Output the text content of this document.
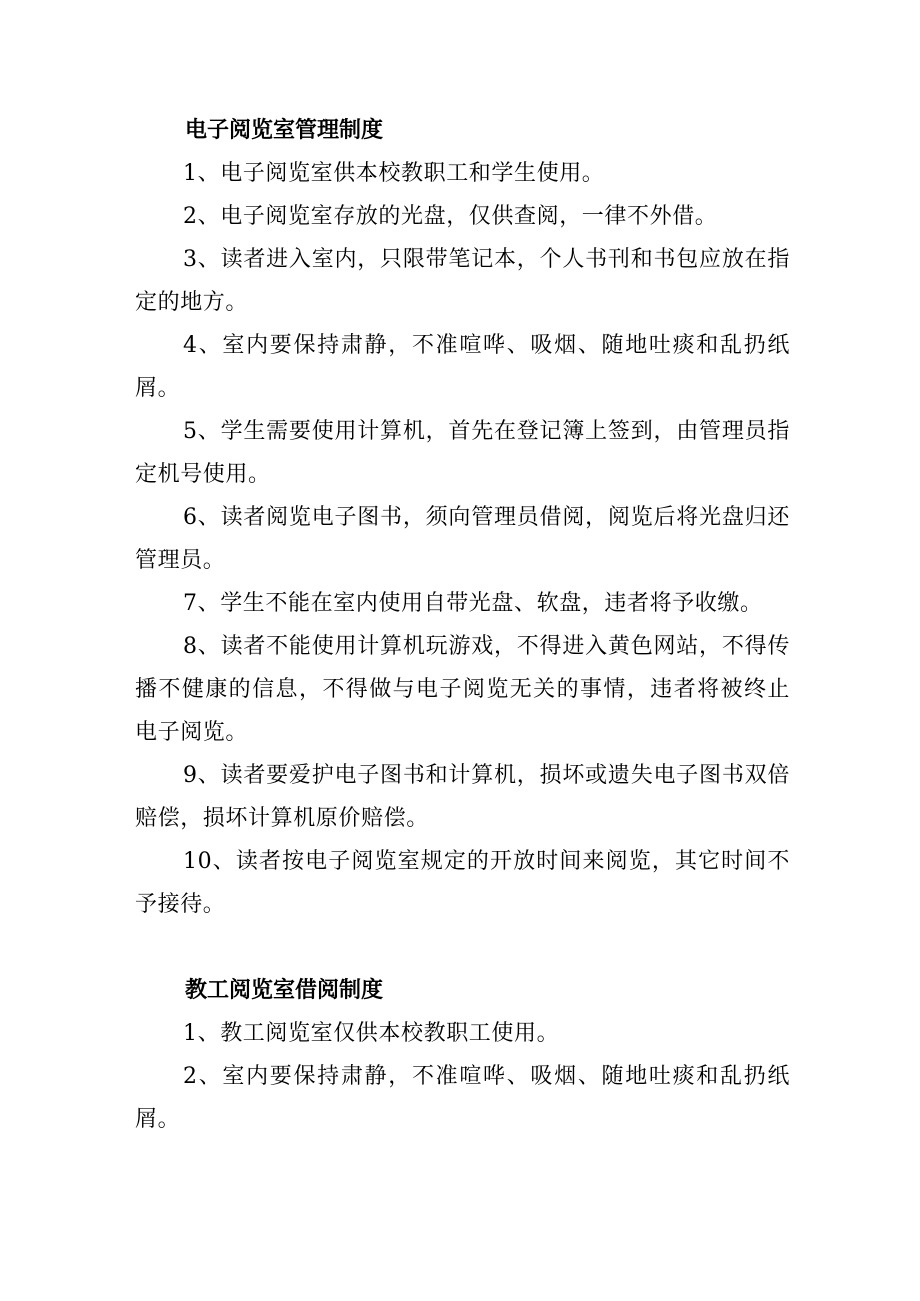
电子阅览室管理制度

1、电子阅览室供本校教职工和学生使用。

2、电子阅览室存放的光盘，仅供查阅，一律不外借。

3、读者进入室内，只限带笔记本，个人书刊和书包应放在指定的地方。

4、室内要保持肃静，不准喧哗、吸烟、随地吐痰和乱扔纸屑。

5、学生需要使用计算机，首先在登记簿上签到，由管理员指定机号使用。

6、读者阅览电子图书，须向管理员借阅，阅览后将光盘归还管理员。

7、学生不能在室内使用自带光盘、软盘，违者将予收缴。

8、读者不能使用计算机玩游戏，不得进入黄色网站，不得传播不健康的信息，不得做与电子阅览无关的事情，违者将被终止电子阅览。

9、读者要爱护电子图书和计算机，损坏或遗失电子图书双倍赔偿，损坏计算机原价赔偿。

10、读者按电子阅览室规定的开放时间来阅览，其它时间不予接待。

教工阅览室借阅制度

1、教工阅览室仅供本校教职工使用。

2、室内要保持肃静，不准喧哗、吸烟、随地吐痰和乱扔纸屑。
